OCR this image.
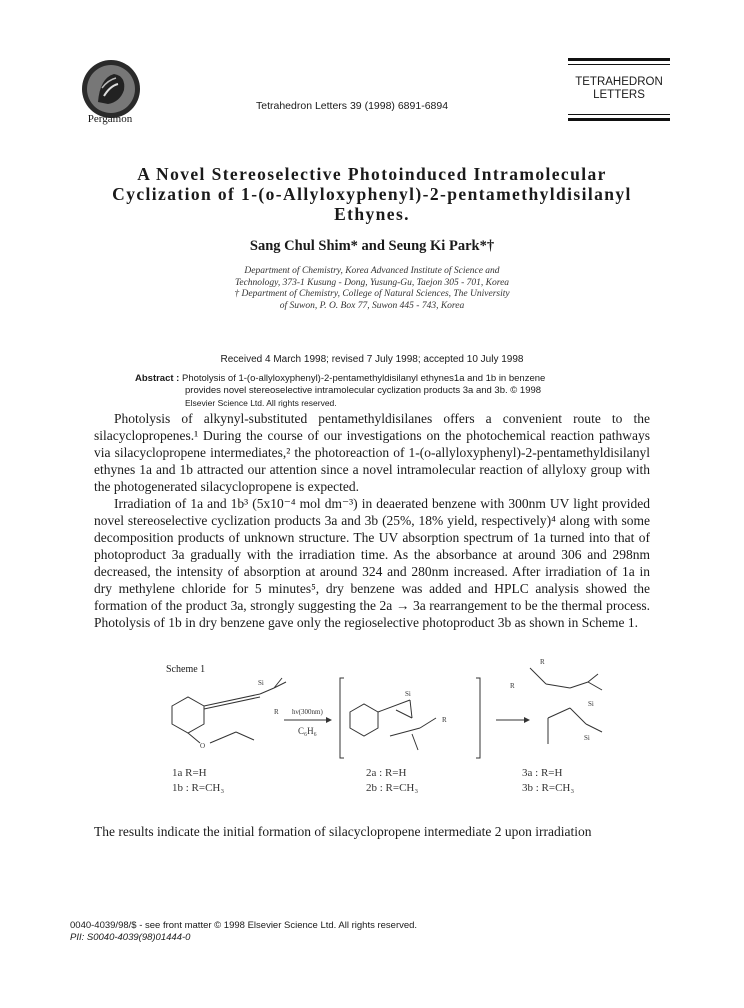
Pergamon
Tetrahedron Letters 39 (1998) 6891-6894
TETRAHEDRON
LETTERS
A Novel Stereoselective Photoinduced Intramolecular
Cyclization of 1-(o-Allyloxyphenyl)-2-pentamethyldisilanyl
Ethynes.
Sang Chul Shim* and Seung Ki Park*†
Department of Chemistry, Korea Advanced Institute of Science and
Technology, 373-1 Kusung - Dong, Yusung-Gu, Taejon 305 - 701, Korea
† Department of Chemistry, College of Natural Sciences, The University
of Suwon, P. O. Box 77, Suwon 445 - 743, Korea
Received 4 March 1998; revised 7 July 1998; accepted 10 July 1998
Abstract : Photolysis of 1-(o-allyloxyphenyl)-2-pentamethyldisilanyl ethynes1a and 1b in benzene
provides novel stereoselective intramolecular cyclization products 3a and 3b. © 1998
Elsevier Science Ltd. All rights reserved.

Photolysis of alkynyl-substituted pentamethyldisilanes offers a convenient route to the silacyclopropenes.¹ During the course of our investigations on the photochemical reaction pathways via silacyclopropene intermediates,² the photoreaction of 1-(o-allyloxyphenyl)-2-pentamethyldisilanyl ethynes 1a and 1b attracted our attention since a novel intramolecular reaction of allyloxy group with the photogenerated silacyclopropene is expected.

Irradiation of 1a and 1b³ (5x10⁻⁴ mol dm⁻³) in deaerated benzene with 300nm UV light provided novel stereoselective cyclization products 3a and 3b (25%, 18% yield, respectively)⁴ along with some decomposition products of unknown structure. The UV absorption spectrum of 1a turned into that of photoproduct 3a gradually with the irradiation time. As the absorbance at around 306 and 298nm decreased, the intensity of absorption at around 324 and 280nm increased. After irradiation of 1a in dry methylene chloride for 5 minutes⁵, dry benzene was added and HPLC analysis showed the formation of the product 3a, strongly suggesting the 2a → 3a rearrangement to be the thermal process. Photolysis of 1b in dry benzene gave only the regioselective photoproduct 3b as shown in Scheme 1.

Scheme 1
Si
R
O
hν(300nm)
C₆H₆
Si
R
R
R
Si
Si
1a R=H
1b : R=CH₃
2a : R=H
2b : R=CH₃
3a : R=H
3b : R=CH₃
The results indicate the initial formation of silacyclopropene intermediate 2 upon irradiation
0040-4039/98/$ - see front matter © 1998 Elsevier Science Ltd. All rights reserved.
PII: S0040-4039(98)01444-0
